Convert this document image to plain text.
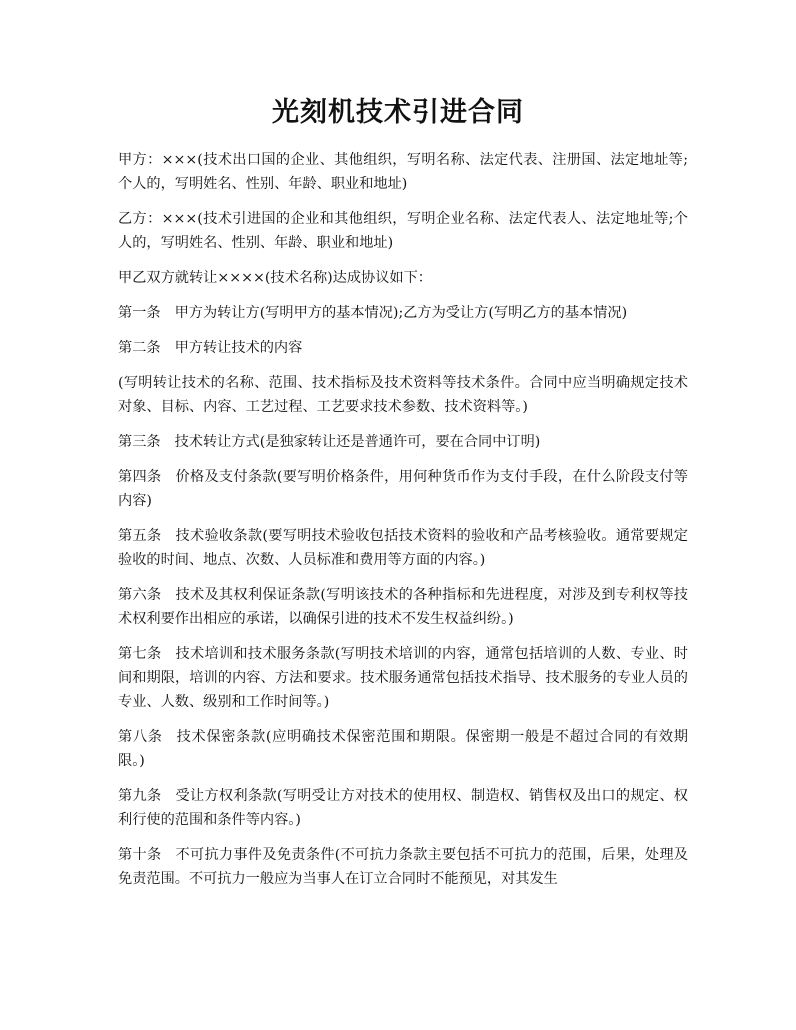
光刻机技术引进合同

甲方：×××(技术出口国的企业、其他组织，写明名称、法定代表、注册国、法定地址等;个人的，写明姓名、性别、年龄、职业和地址)

乙方：×××(技术引进国的企业和其他组织，写明企业名称、法定代表人、法定地址等;个人的，写明姓名、性别、年龄、职业和地址)

甲乙双方就转让××××(技术名称)达成协议如下：

第一条 甲方为转让方(写明甲方的基本情况);乙方为受让方(写明乙方的基本情况)

第二条 甲方转让技术的内容

(写明转让技术的名称、范围、技术指标及技术资料等技术条件。合同中应当明确规定技术对象、目标、内容、工艺过程、工艺要求技术参数、技术资料等。)

第三条 技术转让方式(是独家转让还是普通许可，要在合同中订明)

第四条 价格及支付条款(要写明价格条件，用何种货币作为支付手段，在什么阶段支付等内容)

第五条 技术验收条款(要写明技术验收包括技术资料的验收和产品考核验收。通常要规定验收的时间、地点、次数、人员标准和费用等方面的内容。)

第六条 技术及其权利保证条款(写明该技术的各种指标和先进程度，对涉及到专利权等技术权利要作出相应的承诺，以确保引进的技术不发生权益纠纷。)

第七条 技术培训和技术服务条款(写明技术培训的内容，通常包括培训的人数、专业、时间和期限，培训的内容、方法和要求。技术服务通常包括技术指导、技术服务的专业人员的专业、人数、级别和工作时间等。)

第八条 技术保密条款(应明确技术保密范围和期限。保密期一般是不超过合同的有效期限。)

第九条 受让方权利条款(写明受让方对技术的使用权、制造权、销售权及出口的规定、权利行使的范围和条件等内容。)

第十条 不可抗力事件及免责条件(不可抗力条款主要包括不可抗力的范围，后果，处理及免责范围。不可抗力一般应为当事人在订立合同时不能预见，对其发生
